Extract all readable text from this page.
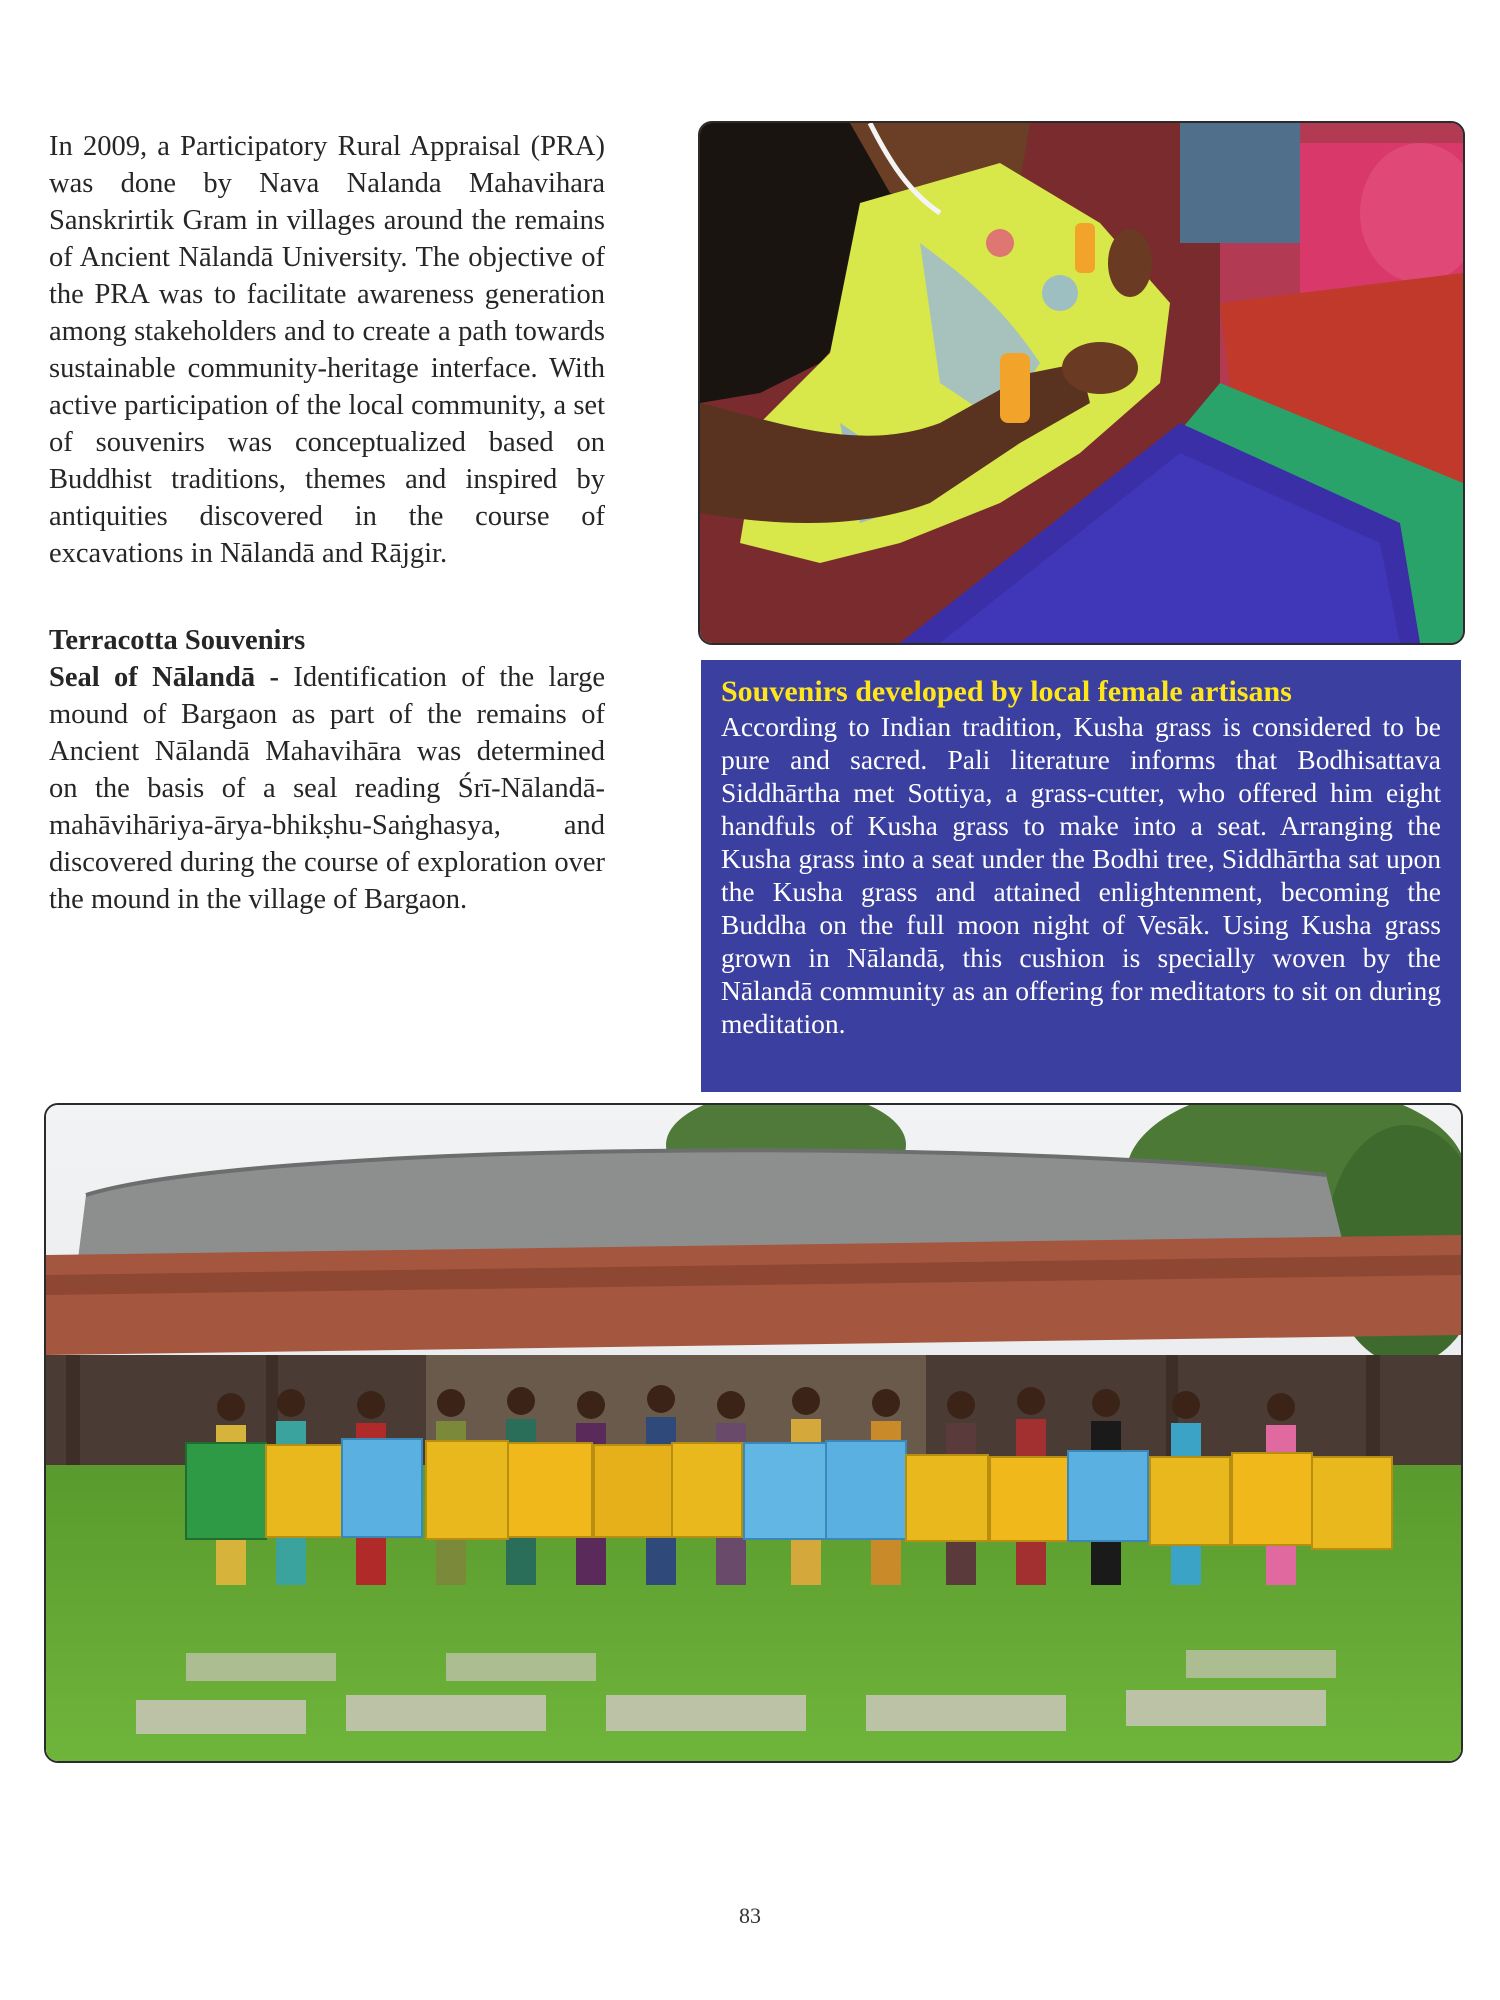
In 2009, a Participatory Rural Appraisal (PRA) was done by Nava Nalanda Mahavihara Sanskrirtik Gram in villages around the remains of Ancient Nālandā University. The objective of the PRA was to facilitate awareness generation among stakeholders and to create a path towards sustainable community-heritage interface. With active participation of the local community, a set of souvenirs was conceptualized based on Buddhist traditions, themes and inspired by antiquities discovered in the course of excavations in Nālandā and Rājgir.

Terracotta Souvenirs

Seal of Nālandā - Identification of the large mound of Bargaon as part of the remains of Ancient Nālandā Mahavihāra was determined on the basis of a seal reading Śrī-Nālandā-mahāvihāriya-ārya-bhikṣhu-Saṅghasya, and discovered during the course of exploration over the mound in the village of Bargaon.

Souvenirs developed by local female artisans

According to Indian tradition, Kusha grass is considered to be pure and sacred. Pali literature informs that Bodhisattava Siddhārtha met Sottiya, a grass-cutter, who offered him eight handfuls of Kusha grass to make into a seat. Arranging the Kusha grass into a seat under the Bodhi tree, Siddhārtha sat upon the Kusha grass and attained enlightenment, becoming the Buddha on the full moon night of Vesāk. Using Kusha grass grown in Nālandā, this cushion is specially woven by the Nālandā community as an offering for meditators to sit on during meditation.

83
